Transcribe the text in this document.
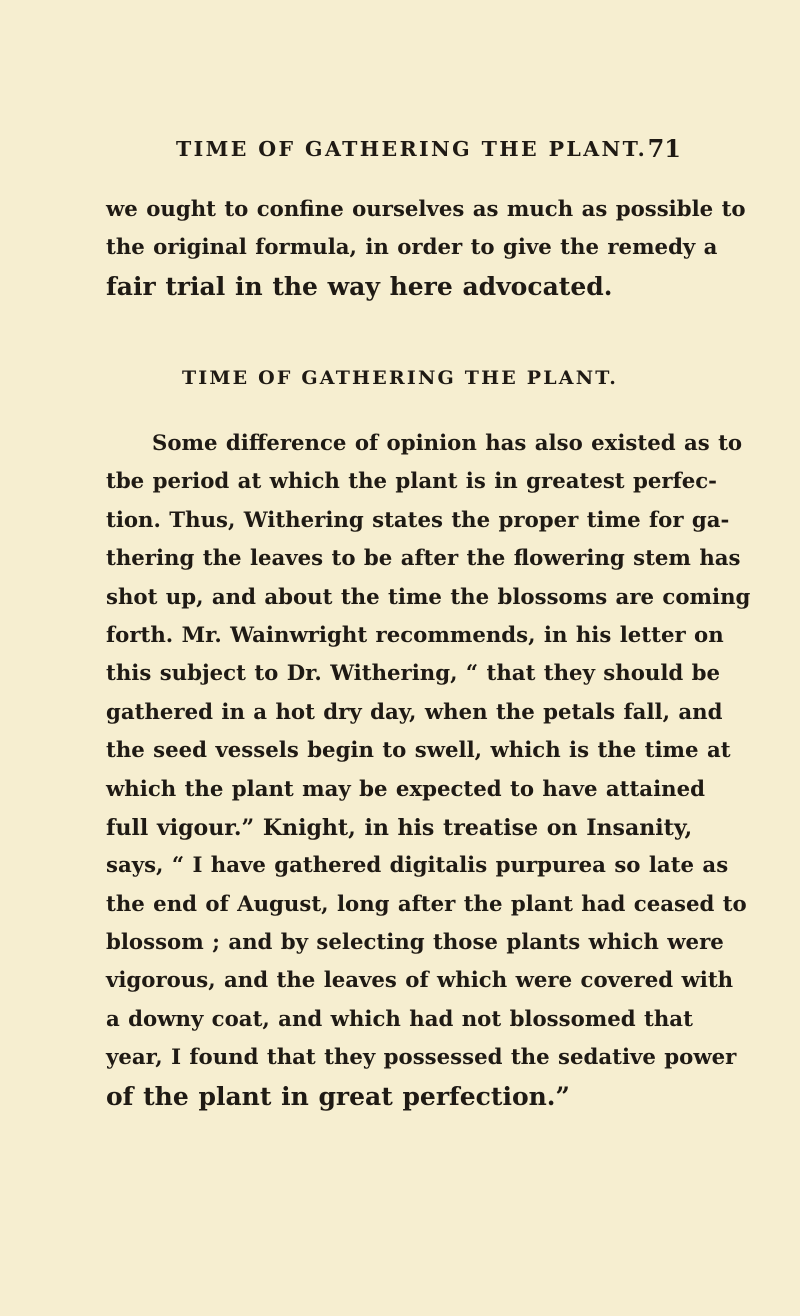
TIME OF GATHERING THE PLANT. 71
we ought to confine ourselves as much as possible to
the original formula, in order to give the remedy a
fair trial in the way here advocated.
TIME OF GATHERING THE PLANT.
Some difference of opinion has also existed as to
tbe period at which the plant is in greatest perfec-
tion. Thus, Withering states the proper time for ga-
thering the leaves to be after the flowering stem has
shot up, and about the time the blossoms are coming
forth. Mr. Wainwright recommends, in his letter on
this subject to Dr. Withering, “ that they should be
gathered in a hot dry day, when the petals fall, and
the seed vessels begin to swell, which is the time at
which the plant may be expected to have attained
full vigour.” Knight, in his treatise on Insanity,
says, “ I have gathered digitalis purpurea so late as
the end of August, long after the plant had ceased to
blossom ; and by selecting those plants which were
vigorous, and the leaves of which were covered with
a downy coat, and which had not blossomed that
year, I found that they possessed the sedative power
of the plant in great perfection.”
